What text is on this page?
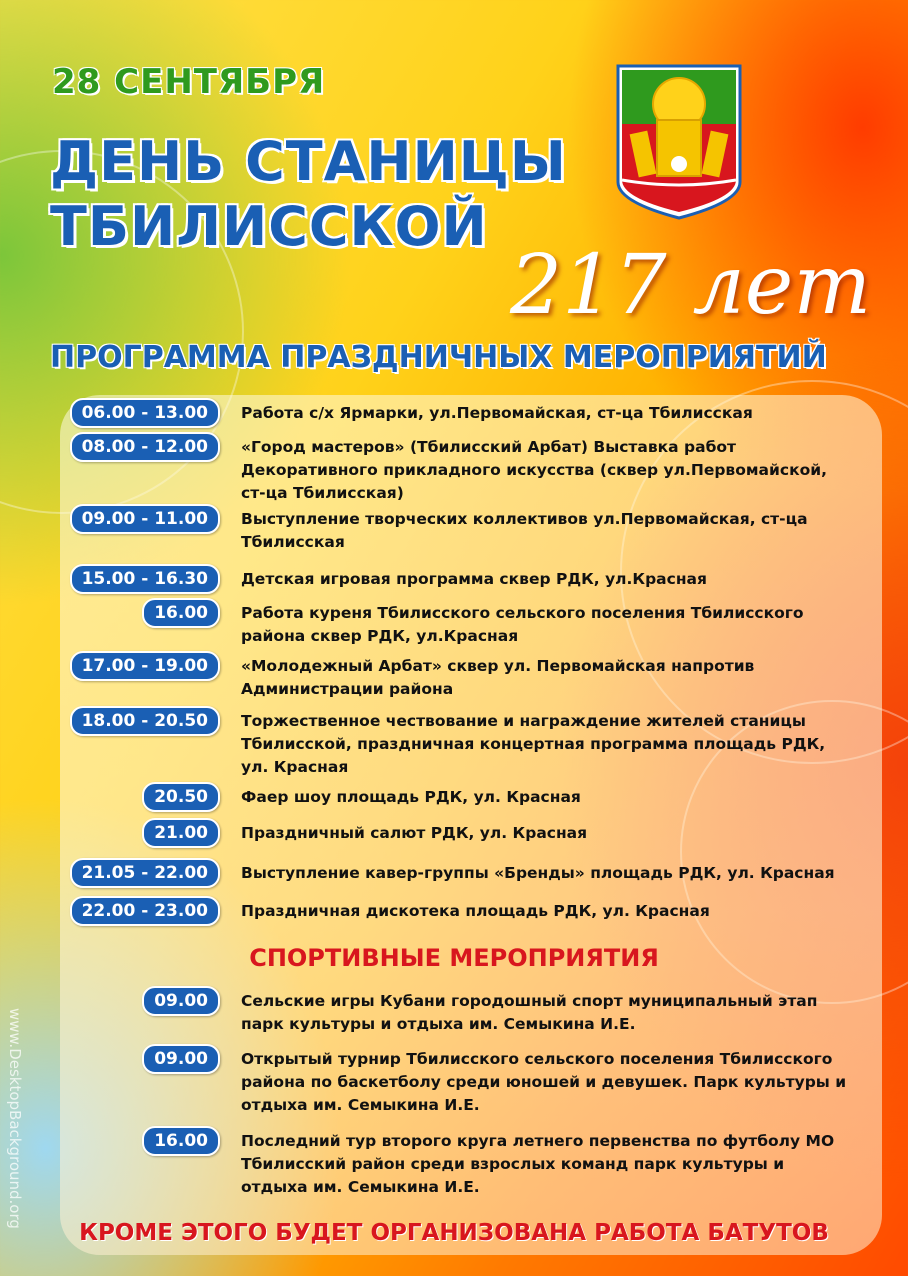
28 СЕНТЯБРЯ
ДЕНЬ СТАНИЦЫ
ТБИЛИССКОЙ
217 лет
ПРОГРАММА ПРАЗДНИЧНЫХ МЕРОПРИЯТИЙ
06.00 - 13.00	Работа с/х Ярмарки, ул.Первомайская, ст-ца Тбилисская
08.00 - 12.00	«Город мастеров» (Тбилисский Арбат) Выставка работ Декоративного прикладного искусства (сквер ул.Первомайской, ст-ца Тбилисская)
09.00 - 11.00	Выступление творческих коллективов ул.Первомайская, ст-ца Тбилисская
15.00 - 16.30	Детская игровая программа сквер РДК, ул.Красная
16.00	Работа куреня Тбилисского сельского поселения Тбилисского района сквер РДК, ул.Красная
17.00 - 19.00	«Молодежный Арбат» сквер ул. Первомайская напротив Администрации района
18.00 - 20.50	Торжественное чествование и награждение жителей станицы Тбилисской, праздничная концертная программа площадь РДК, ул. Красная
20.50	Фаер шоу площадь РДК, ул. Красная
21.00	Праздничный салют РДК, ул. Красная
21.05 - 22.00	Выступление кавер-группы «Бренды» площадь РДК, ул. Красная
22.00 - 23.00	Праздничная дискотека площадь РДК, ул. Красная
СПОРТИВНЫЕ МЕРОПРИЯТИЯ
09.00	Сельские игры Кубани городошный спорт муниципальный этап парк культуры и отдыха им. Семыкина И.Е.
09.00	Открытый турнир Тбилисского сельского поселения Тбилисского района по баскетболу среди юношей и девушек. Парк культуры и отдыха им. Семыкина И.Е.
16.00	Последний тур второго круга летнего первенства по футболу МО Тбилисский район среди взрослых команд парк культуры и отдыха им. Семыкина И.Е.
КРОМЕ ЭТОГО БУДЕТ ОРГАНИЗОВАНА РАБОТА БАТУТОВ
www.DesktopBackground.org
